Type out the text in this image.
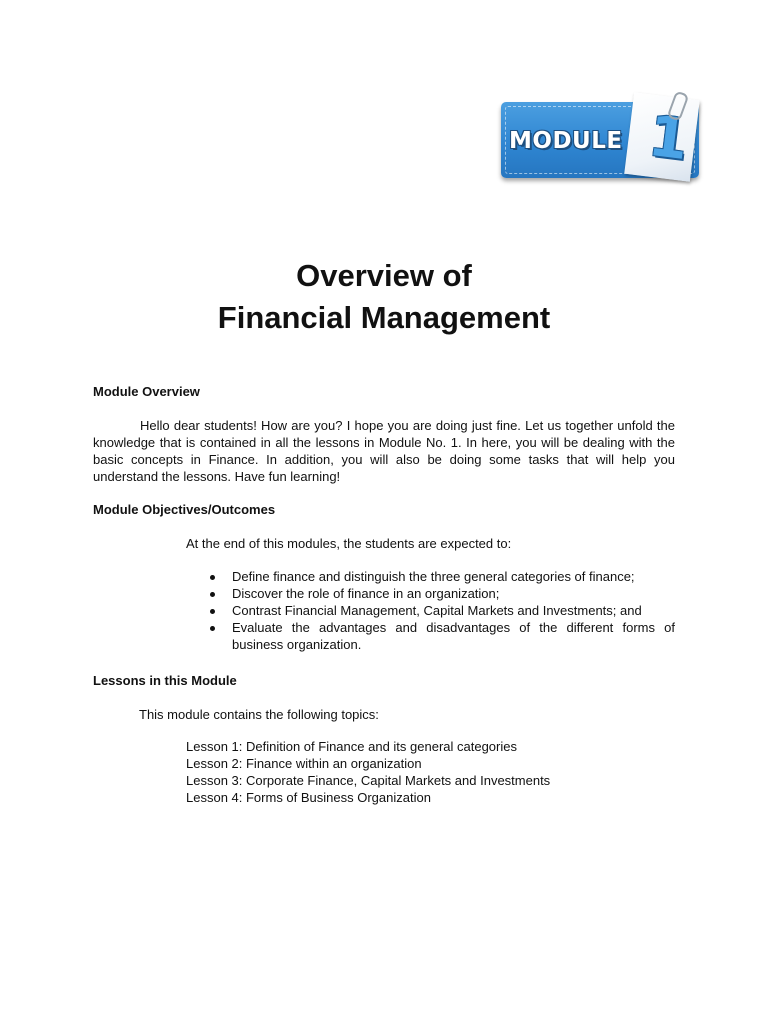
MODULE 1
Overview of
Financial Management
Module Overview
Hello dear students! How are you? I hope you are doing just fine. Let us together unfold the knowledge that is contained in all the lessons in Module No. 1. In here, you will be dealing with the basic concepts in Finance. In addition, you will also be doing some tasks that will help you understand the lessons. Have fun learning!
Module Objectives/Outcomes
At the end of this modules, the students are expected to:
Define finance and distinguish the three general categories of finance;
Discover the role of finance in an organization;
Contrast Financial Management, Capital Markets and Investments; and
Evaluate the advantages and disadvantages of the different forms of business organization.
Lessons in this Module
This module contains the following topics:
Lesson 1: Definition of Finance and its general categories
Lesson 2: Finance within an organization
Lesson 3: Corporate Finance, Capital Markets and Investments
Lesson 4: Forms of Business Organization
